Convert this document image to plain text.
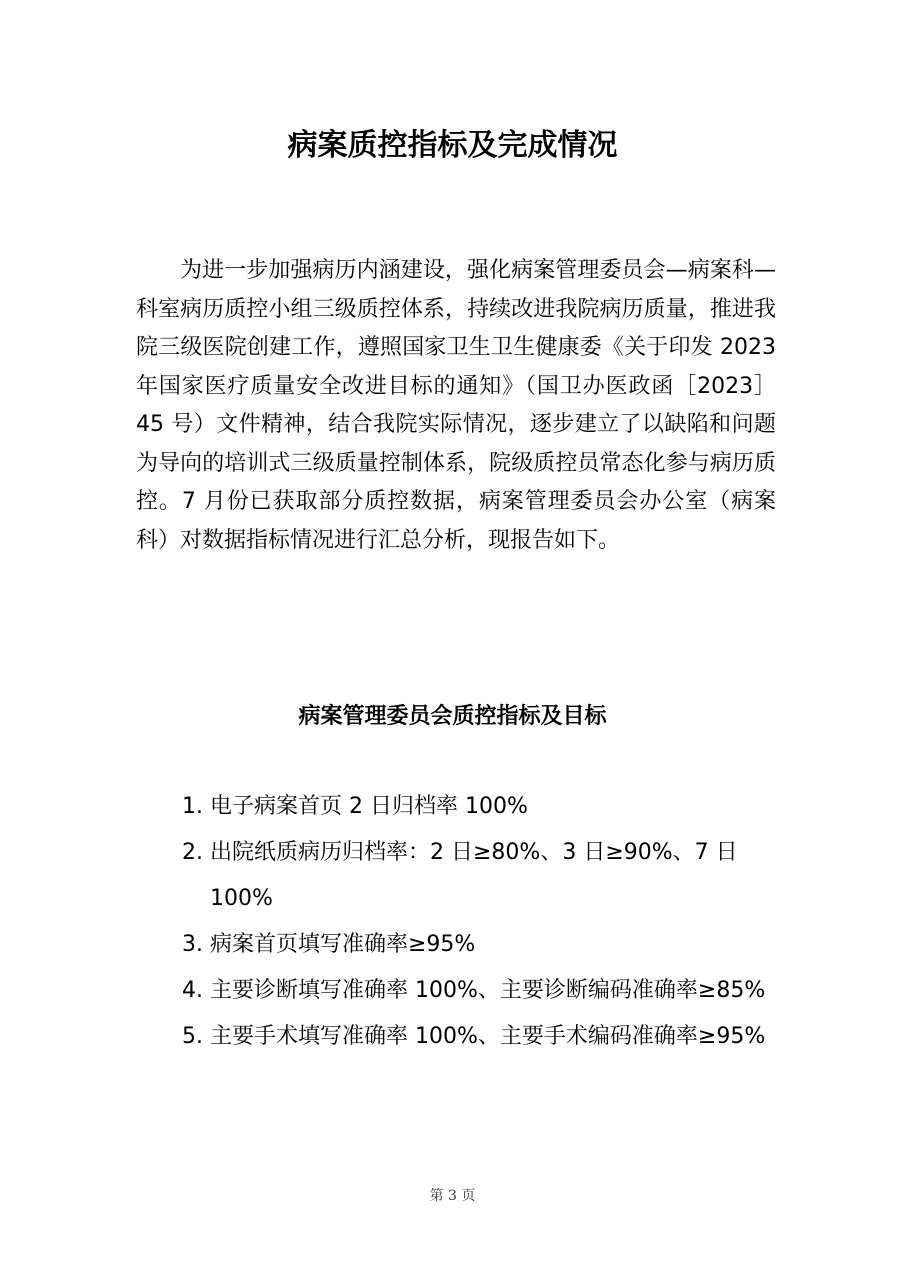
病案质控指标及完成情况

为进一步加强病历内涵建设，强化病案管理委员会—病案科—科室病历质控小组三级质控体系，持续改进我院病历质量，推进我院三级医院创建工作，遵照国家卫生卫生健康委《关于印发 2023 年国家医疗质量安全改进目标的通知》（国卫办医政函［2023］45 号）文件精神，结合我院实际情况，逐步建立了以缺陷和问题为导向的培训式三级质量控制体系，院级质控员常态化参与病历质控。7 月份已获取部分质控数据，病案管理委员会办公室（病案科）对数据指标情况进行汇总分析，现报告如下。

病案管理委员会质控指标及目标
1. 电子病案首页 2 日归档率 100%
2. 出院纸质病历归档率：2 日≥80%、3 日≥90%、7 日 100%
3. 病案首页填写准确率≥95%
4. 主要诊断填写准确率 100%、主要诊断编码准确率≥85%
5. 主要手术填写准确率 100%、主要手术编码准确率≥95%
第 3 页
